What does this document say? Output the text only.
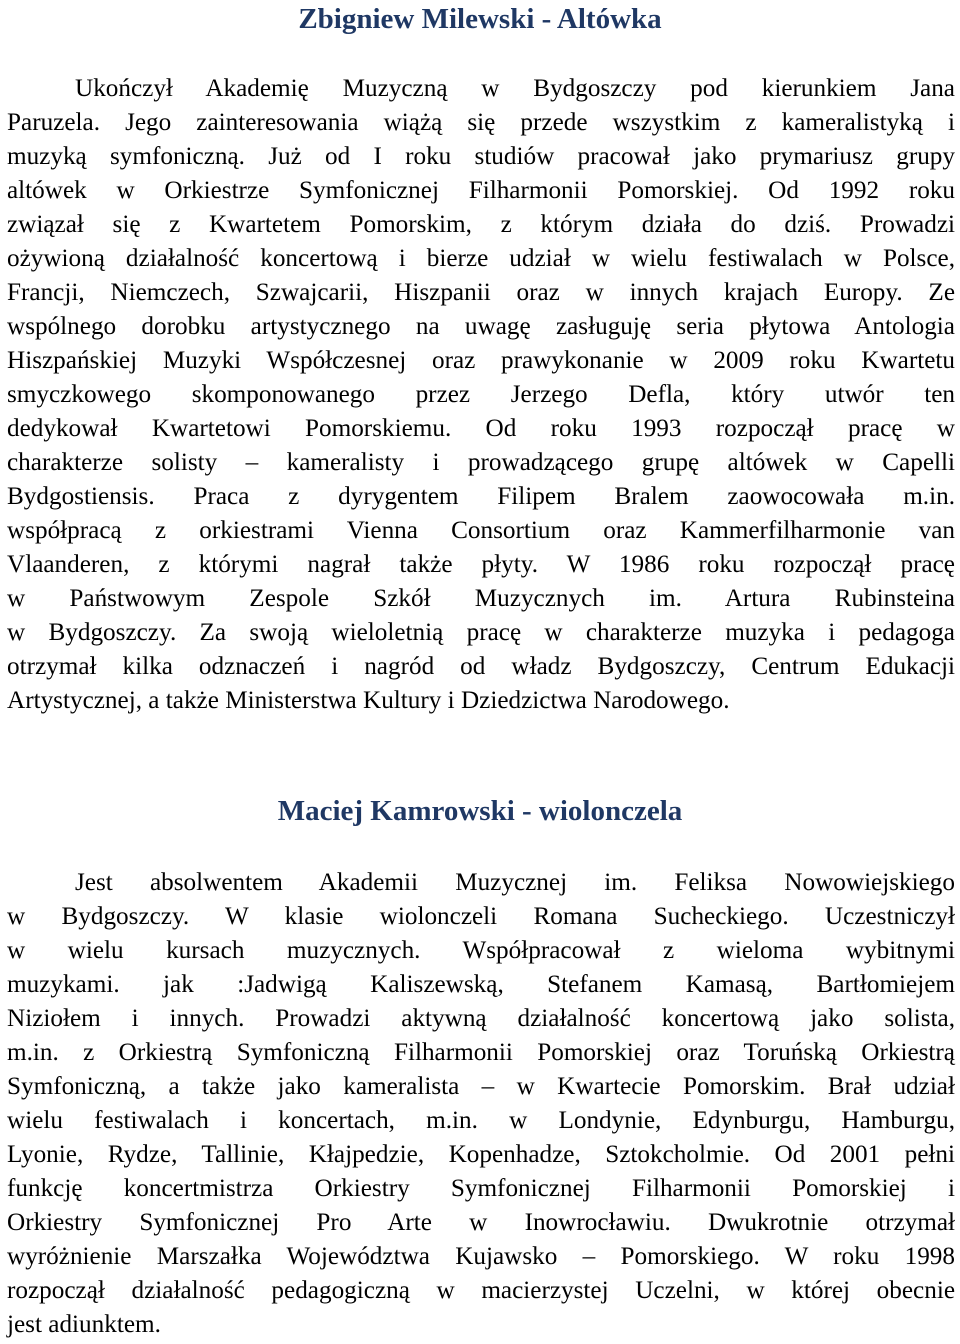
Zbigniew Milewski - Altówka
Ukończył Akademię Muzyczną w Bydgoszczy pod kierunkiem Jana
Paruzela. Jego zainteresowania wiążą się przede wszystkim z kameralistyką i
muzyką symfoniczną. Już od I roku studiów pracował jako prymariusz grupy
altówek w Orkiestrze Symfonicznej Filharmonii Pomorskiej. Od 1992 roku
związał się z Kwartetem Pomorskim, z którym działa do dziś. Prowadzi
ożywioną działalność koncertową i bierze udział w wielu festiwalach w Polsce,
Francji, Niemczech, Szwajcarii, Hiszpanii oraz w innych krajach Europy. Ze
wspólnego dorobku artystycznego na uwagę zasługuję seria płytowa Antologia
Hiszpańskiej Muzyki Współczesnej oraz prawykonanie w 2009 roku Kwartetu
smyczkowego skomponowanego przez Jerzego Defla, który utwór ten
dedykował Kwartetowi Pomorskiemu. Od roku 1993 rozpoczął pracę w
charakterze solisty – kameralisty i prowadzącego grupę altówek w Capelli
Bydgostiensis. Praca z dyrygentem Filipem Bralem zaowocowała m.in.
współpracą z orkiestrami Vienna Consortium oraz Kammerfilharmonie van
Vlaanderen, z którymi nagrał także płyty. W 1986 roku rozpoczął pracę
w Państwowym Zespole Szkół Muzycznych im. Artura Rubinsteina
w Bydgoszczy. Za swoją wieloletnią pracę w charakterze muzyka i pedagoga
otrzymał kilka odznaczeń i nagród od władz Bydgoszczy, Centrum Edukacji
Artystycznej, a także Ministerstwa Kultury i Dziedzictwa Narodowego.
Maciej Kamrowski - wiolonczela
Jest absolwentem Akademii Muzycznej im. Feliksa Nowowiejskiego
w Bydgoszczy. W klasie wiolonczeli Romana Sucheckiego. Uczestniczył
w wielu kursach muzycznych. Współpracował z wieloma wybitnymi
muzykami. jak :Jadwigą Kaliszewską, Stefanem Kamasą, Bartłomiejem
Niziołem i innych. Prowadzi aktywną działalność koncertową jako solista,
m.in. z Orkiestrą Symfoniczną Filharmonii Pomorskiej oraz Toruńską Orkiestrą
Symfoniczną, a także jako kameralista – w Kwartecie Pomorskim. Brał udział
wielu festiwalach i koncertach, m.in. w Londynie, Edynburgu, Hamburgu,
Lyonie, Rydze, Tallinie, Kłajpedzie, Kopenhadze, Sztokcholmie. Od 2001 pełni
funkcję koncertmistrza Orkiestry Symfonicznej Filharmonii Pomorskiej i
Orkiestry Symfonicznej Pro Arte w Inowrocławiu. Dwukrotnie otrzymał
wyróżnienie Marszałka Województwa Kujawsko – Pomorskiego. W roku 1998
rozpoczął działalność pedagogiczną w macierzystej Uczelni, w której obecnie
jest adiunktem.
